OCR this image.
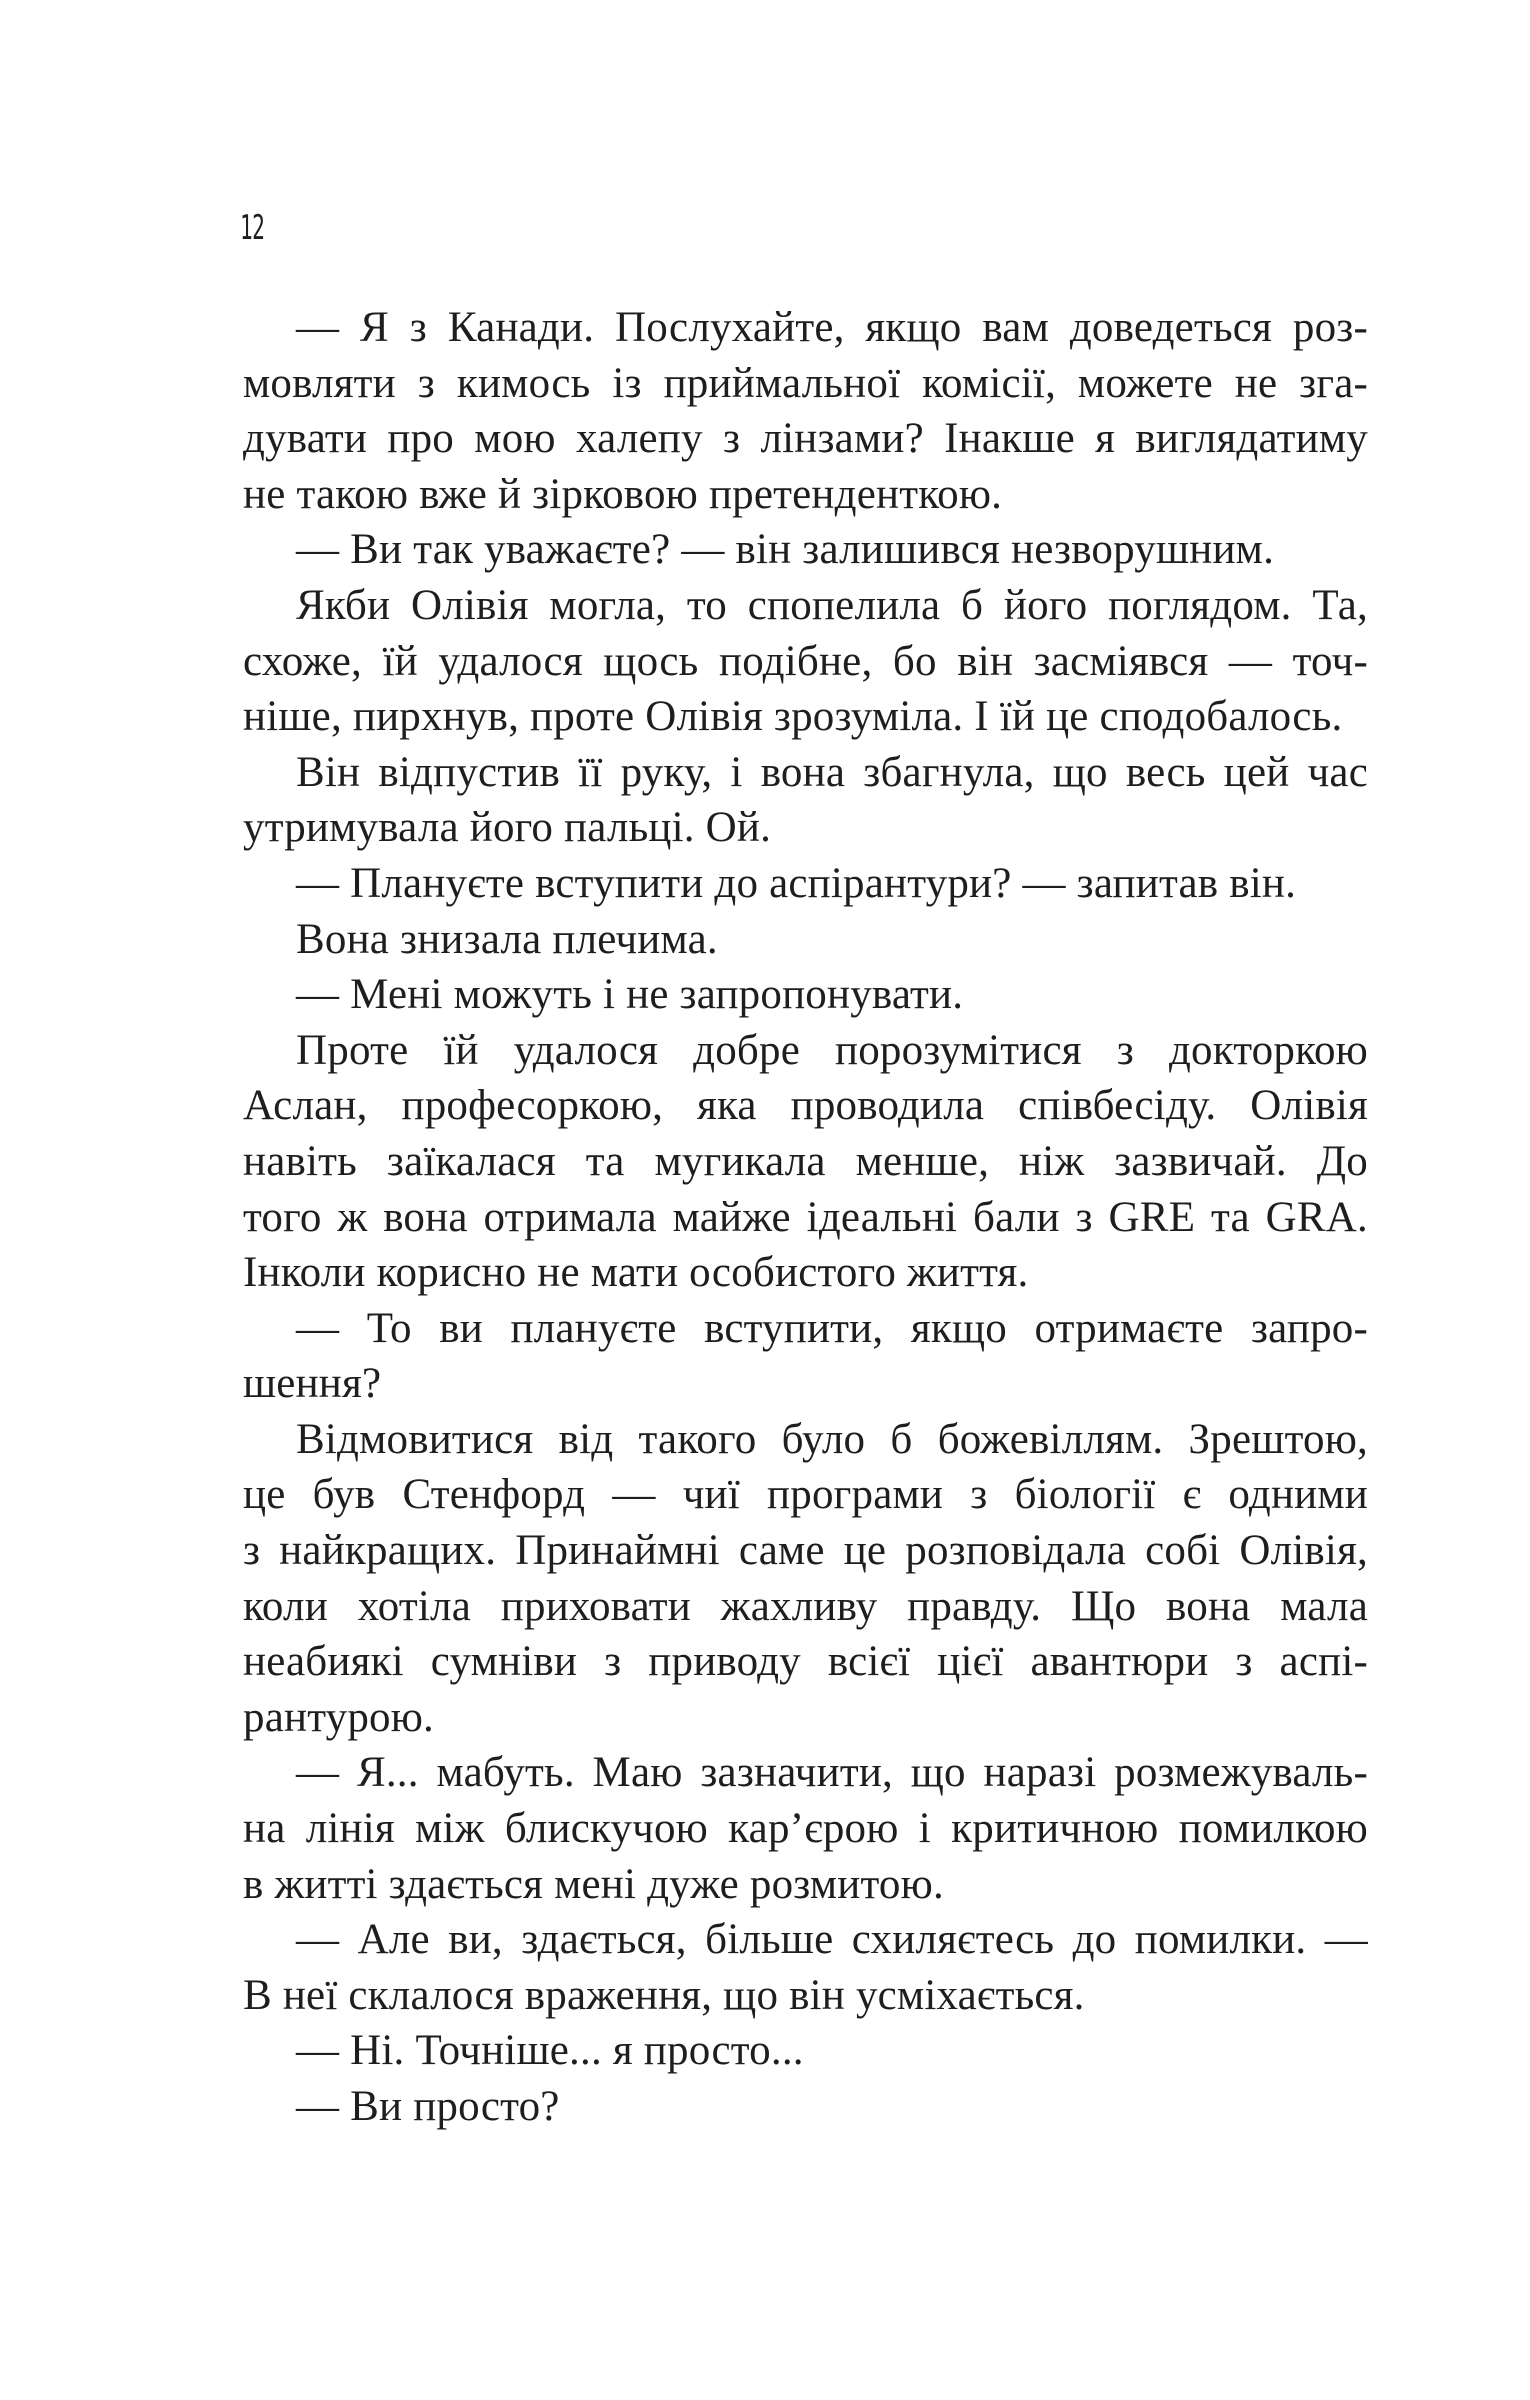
12
— Я з Канади. Послухайте, якщо вам доведеться роз-
мовляти з кимось із приймальної комісії, можете не зга-
дувати про мою халепу з лінзами? Інакше я виглядатиму
не такою вже й зірковою претенденткою.
— Ви так уважаєте? — він залишився незворушним.
Якби Олівія могла, то спопелила б його поглядом. Та,
схоже, їй удалося щось подібне, бо він засміявся — точ-
ніше, пирхнув, проте Олівія зрозуміла. І їй це сподобалось.
Він відпустив її руку, і вона збагнула, що весь цей час
утримувала його пальці. Ой.
— Плануєте вступити до аспірантури? — запитав він.
Вона знизала плечима.
— Мені можуть і не запропонувати.
Проте їй удалося добре порозумітися з докторкою
Аслан, професоркою, яка проводила співбесіду. Олівія
навіть заїкалася та мугикала менше, ніж зазвичай. До
того ж вона отримала майже ідеальні бали з GRE та GRA.
Інколи корисно не мати особистого життя.
— То ви плануєте вступити, якщо отримаєте запро-
шення?
Відмовитися від такого було б божевіллям. Зрештою,
це був Стенфорд — чиї програми з біології є одними
з найкращих. Принаймні саме це розповідала собі Олівія,
коли хотіла приховати жахливу правду. Що вона мала
неабиякі сумніви з приводу всієї цієї авантюри з аспі-
рантурою.
— Я... мабуть. Маю зазначити, що наразі розмежуваль-
на лінія між блискучою кар’єрою і критичною помилкою
в житті здається мені дуже розмитою.
— Але ви, здається, більше схиляєтесь до помилки. —
В неї склалося враження, що він усміхається.
— Ні. Точніше... я просто...
— Ви просто?
